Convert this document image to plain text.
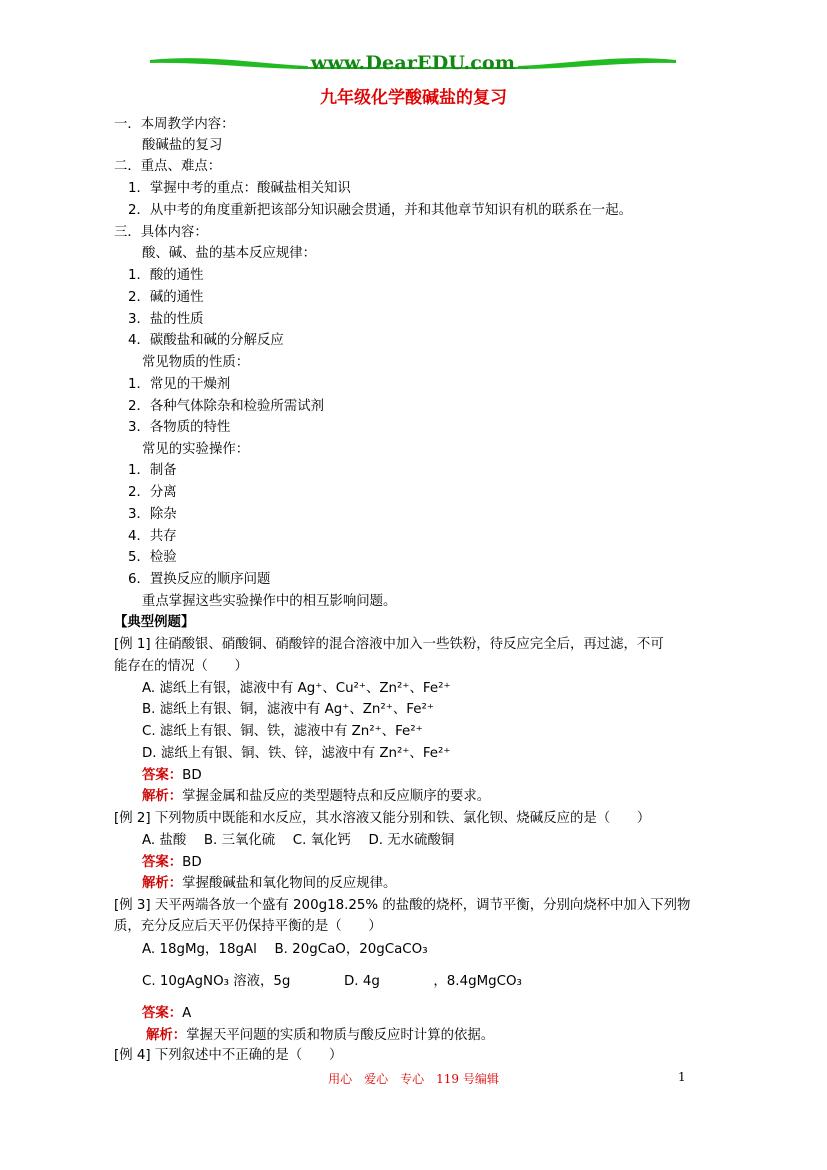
www.DearEDU.com
九年级化学酸碱盐的复习
一．本周教学内容：
酸碱盐的复习
二．重点、难点：
1．掌握中考的重点：酸碱盐相关知识
2．从中考的角度重新把该部分知识融会贯通，并和其他章节知识有机的联系在一起。
三．具体内容：
酸、碱、盐的基本反应规律：
1．酸的通性
2．碱的通性
3．盐的性质
4．碳酸盐和碱的分解反应
常见物质的性质：
1．常见的干燥剂
2．各种气体除杂和检验所需试剂
3．各物质的特性
常见的实验操作：
1．制备
2．分离
3．除杂
4．共存
5．检验
6．置换反应的顺序问题
重点掌握这些实验操作中的相互影响问题。
【典型例题】
[例 1] 往硝酸银、硝酸铜、硝酸锌的混合溶液中加入一些铁粉，待反应完全后，再过滤，不可
能存在的情况（　　）
A. 滤纸上有银，滤液中有 Ag⁺、Cu²⁺、Zn²⁺、Fe²⁺
B. 滤纸上有银、铜，滤液中有 Ag⁺、Zn²⁺、Fe²⁺
C. 滤纸上有银、铜、铁，滤液中有 Zn²⁺、Fe²⁺
D. 滤纸上有银、铜、铁、锌，滤液中有 Zn²⁺、Fe²⁺
答案：BD
解析：掌握金属和盐反应的类型题特点和反应顺序的要求。
[例 2] 下列物质中既能和水反应，其水溶液又能分别和铁、氯化钡、烧碱反应的是（　　）
A. 盐酸　 B. 三氧化硫　 C. 氧化钙　 D. 无水硫酸铜
答案：BD
解析：掌握酸碱盐和氧化物间的反应规律。
[例 3] 天平两端各放一个盛有 200g18.25% 的盐酸的烧杯，调节平衡，分别向烧杯中加入下列物
质，充分反应后天平仍保持平衡的是（　　）
A. 18gMg，18gAl　 B. 20gCaO，20gCaCO₃
C. 10gAgNO₃ 溶液，5g　　　　D. 4g　　　　，8.4gMgCO₃
答案：A
解析：掌握天平问题的实质和物质与酸反应时计算的依据。
[例 4] 下列叙述中不正确的是（　　）
用心　爱心　专心　119 号编辑	1
